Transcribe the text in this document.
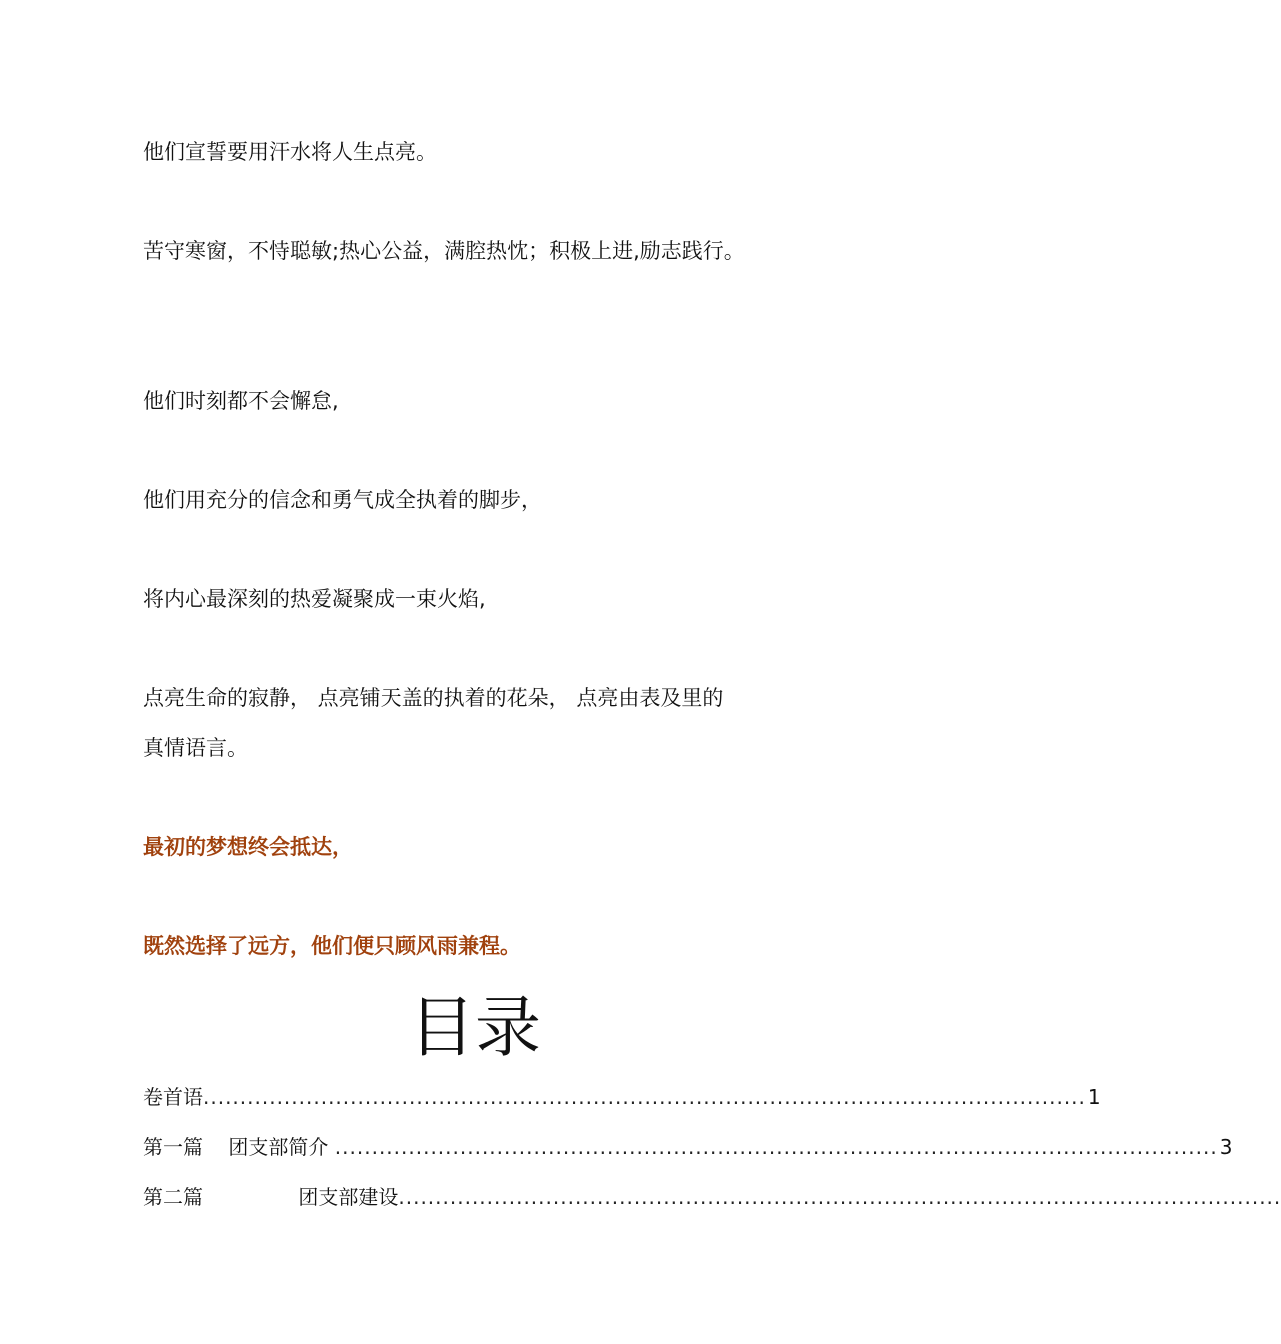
他们宣誓要用汗水将人生点亮。
苦守寒窗，不恃聪敏;热心公益，满腔热忱；积极上进,励志践行。
他们时刻都不会懈怠,
他们用充分的信念和勇气成全执着的脚步，
将内心最深刻的热爱凝聚成一束火焰,
点亮生命的寂静， 点亮铺天盖的执着的花朵， 点亮由表及里的
真情语言。
最初的梦想终会抵达，
既然选择了远方，他们便只顾风雨兼程。
目录
卷首语 ........................................................................................................................ 1
第一篇    团支部简介 ........................................................................................................................ 3
第二篇               团支部建设 ........................................................................................................................
